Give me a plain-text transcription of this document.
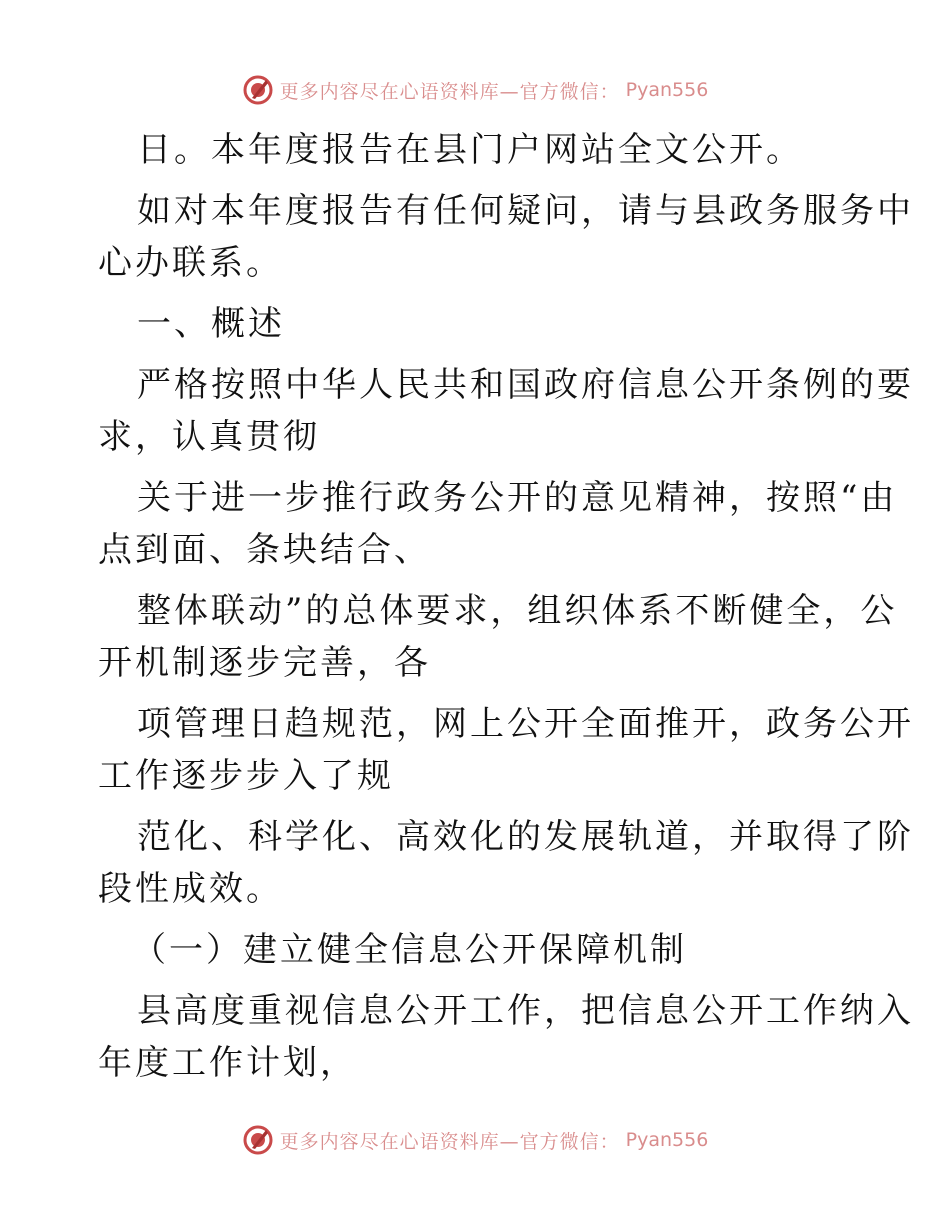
更多内容尽在心语资料库—官方微信： Pyan556
日。本年度报告在县门户网站全文公开。
如对本年度报告有任何疑问，请与县政务服务中
心办联系。
一、概述
严格按照中华人民共和国政府信息公开条例的要
求，认真贯彻
关于进一步推行政务公开的意见精神，按照“由
点到面、条块结合、
整体联动”的总体要求，组织体系不断健全，公
开机制逐步完善，各
项管理日趋规范，网上公开全面推开，政务公开
工作逐步步入了规
范化、科学化、高效化的发展轨道，并取得了阶
段性成效。
（一）建立健全信息公开保障机制
县高度重视信息公开工作，把信息公开工作纳入
年度工作计划，
更多内容尽在心语资料库—官方微信： Pyan556
